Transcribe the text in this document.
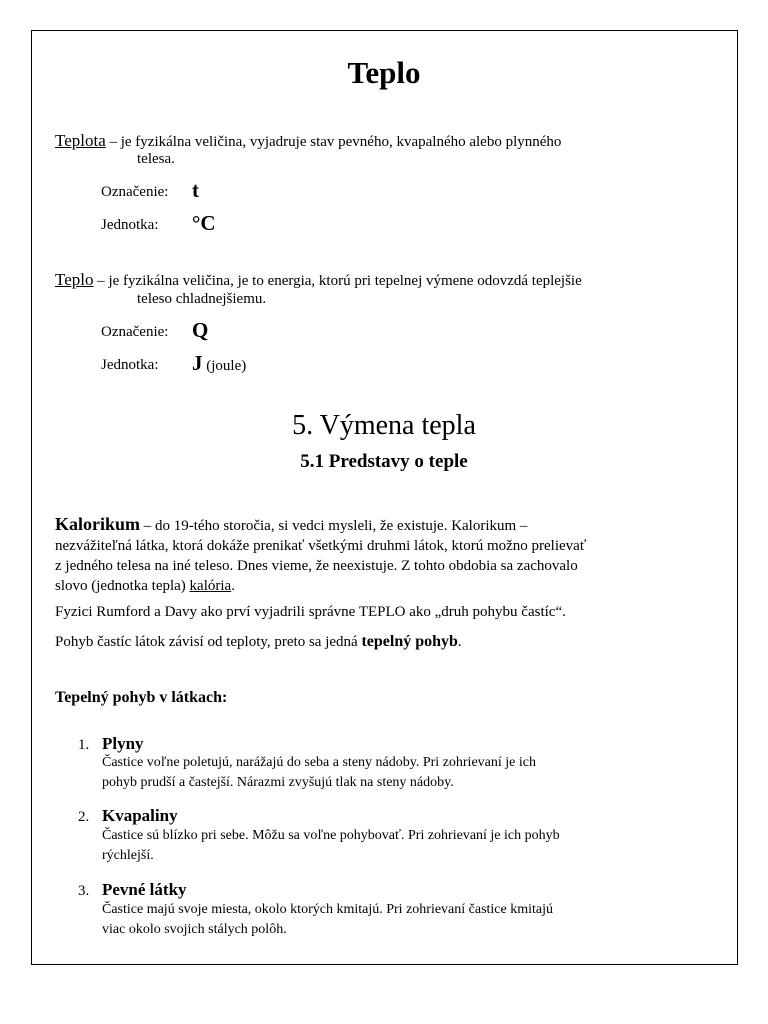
Teplo
Teplota – je fyzikálna veličina, vyjadruje stav pevného, kvapalného alebo plynného
telesa.
Označenie: t
Jednotka: °C
Teplo – je fyzikálna veličina, je to energia, ktorú pri tepelnej výmene odovzdá teplejšie
teleso chladnejšiemu.
Označenie: Q
Jednotka: J (joule)
5. Výmena tepla
5.1 Predstavy o teple
Kalorikum – do 19-tého storočia, si vedci mysleli, že existuje. Kalorikum –
nezvážiteľná látka, ktorá dokáže prenikať všetkými druhmi látok, ktorú možno prelievať
z jedného telesa na iné teleso. Dnes vieme, že neexistuje. Z tohto obdobia sa zachovalo
slovo (jednotka tepla) kalória.
Fyzici Rumford a Davy ako prví vyjadrili správne TEPLO ako „druh pohybu častíc“.
Pohyb častíc látok závisí od teploty, preto sa jedná tepelný pohyb.
Tepelný pohyb v látkach:
1. Plyny
Častice voľne poletujú, narážajú do seba a steny nádoby. Pri zohrievaní je ich
pohyb prudší a častejší. Nárazmi zvyšujú tlak na steny nádoby.
2. Kvapaliny
Častice sú blízko pri sebe. Môžu sa voľne pohybovať. Pri zohrievaní je ich pohyb
rýchlejší.
3. Pevné látky
Častice majú svoje miesta, okolo ktorých kmitajú. Pri zohrievaní častice kmitajú
viac okolo svojich stálych polôh.
